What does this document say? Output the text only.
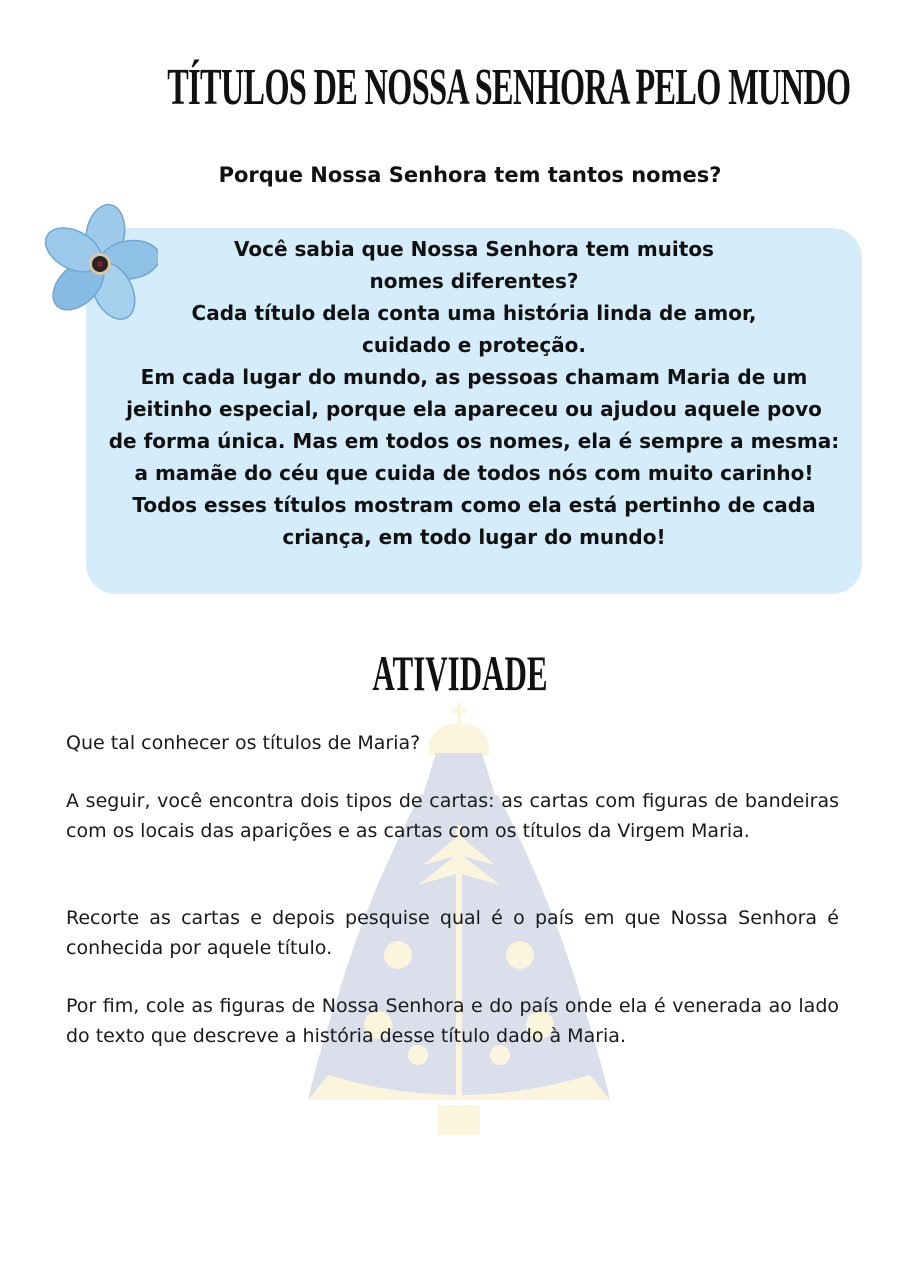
TÍTULOS DE NOSSA SENHORA PELO MUNDO

Porque Nossa Senhora tem tantos nomes?

Você sabia que Nossa Senhora tem muitos
nomes diferentes?
Cada título dela conta uma história linda de amor,
cuidado e proteção.
Em cada lugar do mundo, as pessoas chamam Maria de um
jeitinho especial, porque ela apareceu ou ajudou aquele povo
de forma única. Mas em todos os nomes, ela é sempre a mesma:
a mamãe do céu que cuida de todos nós com muito carinho!
Todos esses títulos mostram como ela está pertinho de cada
criança, em todo lugar do mundo!

ATIVIDADE

Que tal conhecer os títulos de Maria?

A seguir, você encontra dois tipos de cartas: as cartas com figuras de bandeiras com os locais das aparições e as cartas com os títulos da Virgem Maria.

Recorte as cartas e depois pesquise qual é o país em que Nossa Senhora é conhecida por aquele título.

Por fim, cole as figuras de Nossa Senhora e do país onde ela é venerada ao lado do texto que descreve a história desse título dado à Maria.
